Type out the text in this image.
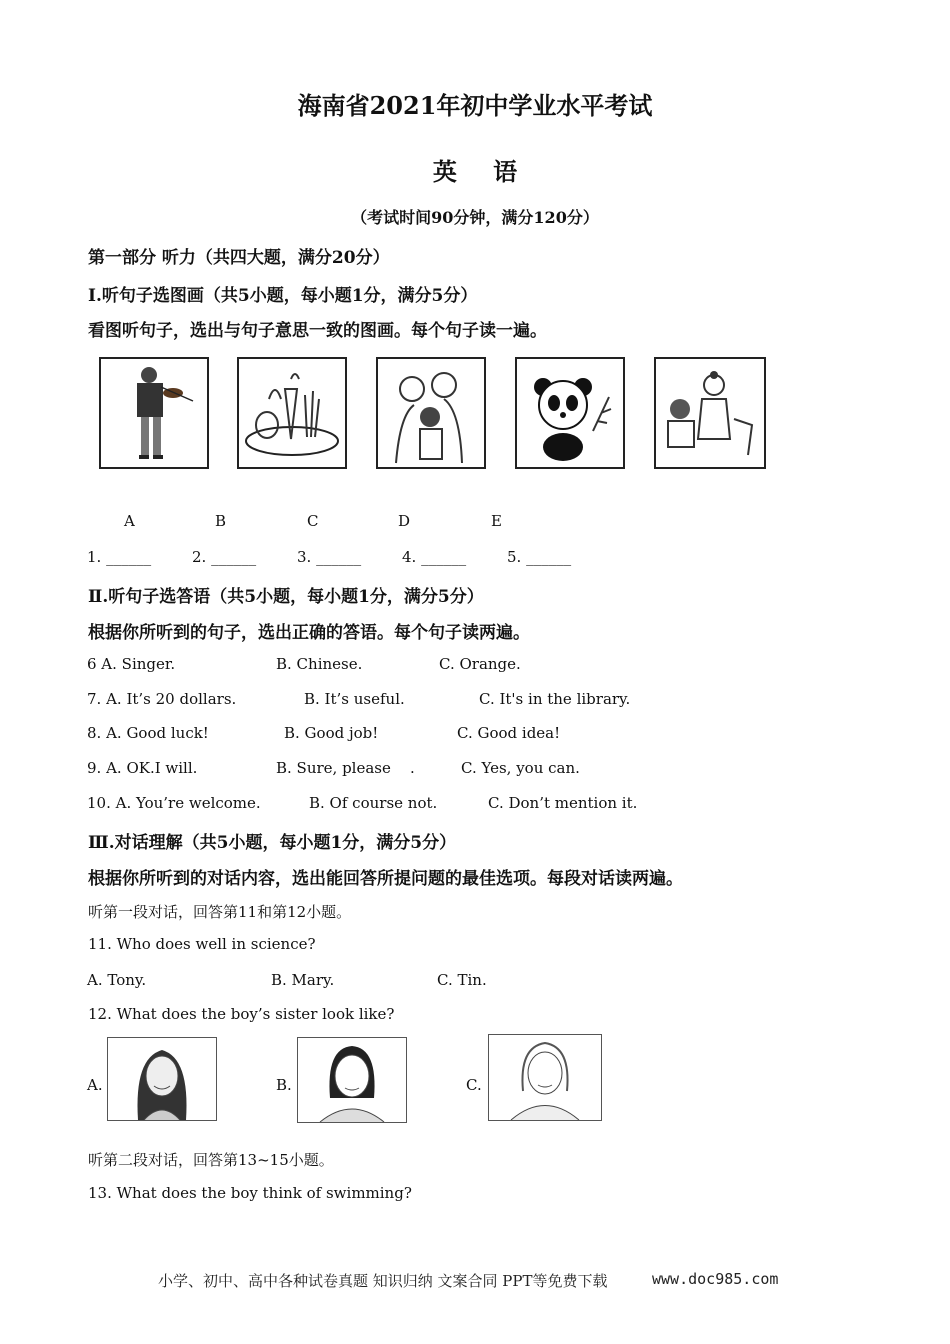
海南省2021年初中学业水平考试
英 语
（考试时间90分钟，满分120分）
第一部分 听力（共四大题，满分20分）
Ⅰ.听句子选图画（共5小题，每小题1分，满分5分）
看图听句子，选出与句子意思一致的图画。每个句子读一遍。
A	B	C	D	E
1. ______	2. ______	3. ______	4. ______	5. ______
Ⅱ.听句子选答语（共5小题，每小题1分，满分5分）
根据你所听到的句子，选出正确的答语。每个句子读两遍。
6 A. Singer.	B. Chinese.	C. Orange.
7. A. It’s 20 dollars.	B. It’s useful.	C. It's in the library.
8. A. Good luck!	B. Good job!	C. Good idea!
9. A. OK.I will.	B. Sure, please    .	C. Yes, you can.
10. A. You’re welcome.	B. Of course not.	C. Don’t mention it.
Ⅲ.对话理解（共5小题，每小题1分，满分5分）
根据你所听到的对话内容，选出能回答所提问题的最佳选项。每段对话读两遍。
听第一段对话，回答第11和第12小题。
11. Who does well in science?
A. Tony.	B. Mary.	C. Tin.
12. What does the boy’s sister look like?
A.	B.	C.
听第二段对话，回答第13~15小题。
13. What does the boy think of swimming?
小学、初中、高中各种试卷真题 知识归纳 文案合同 PPT等免费下载	www.doc985.com
